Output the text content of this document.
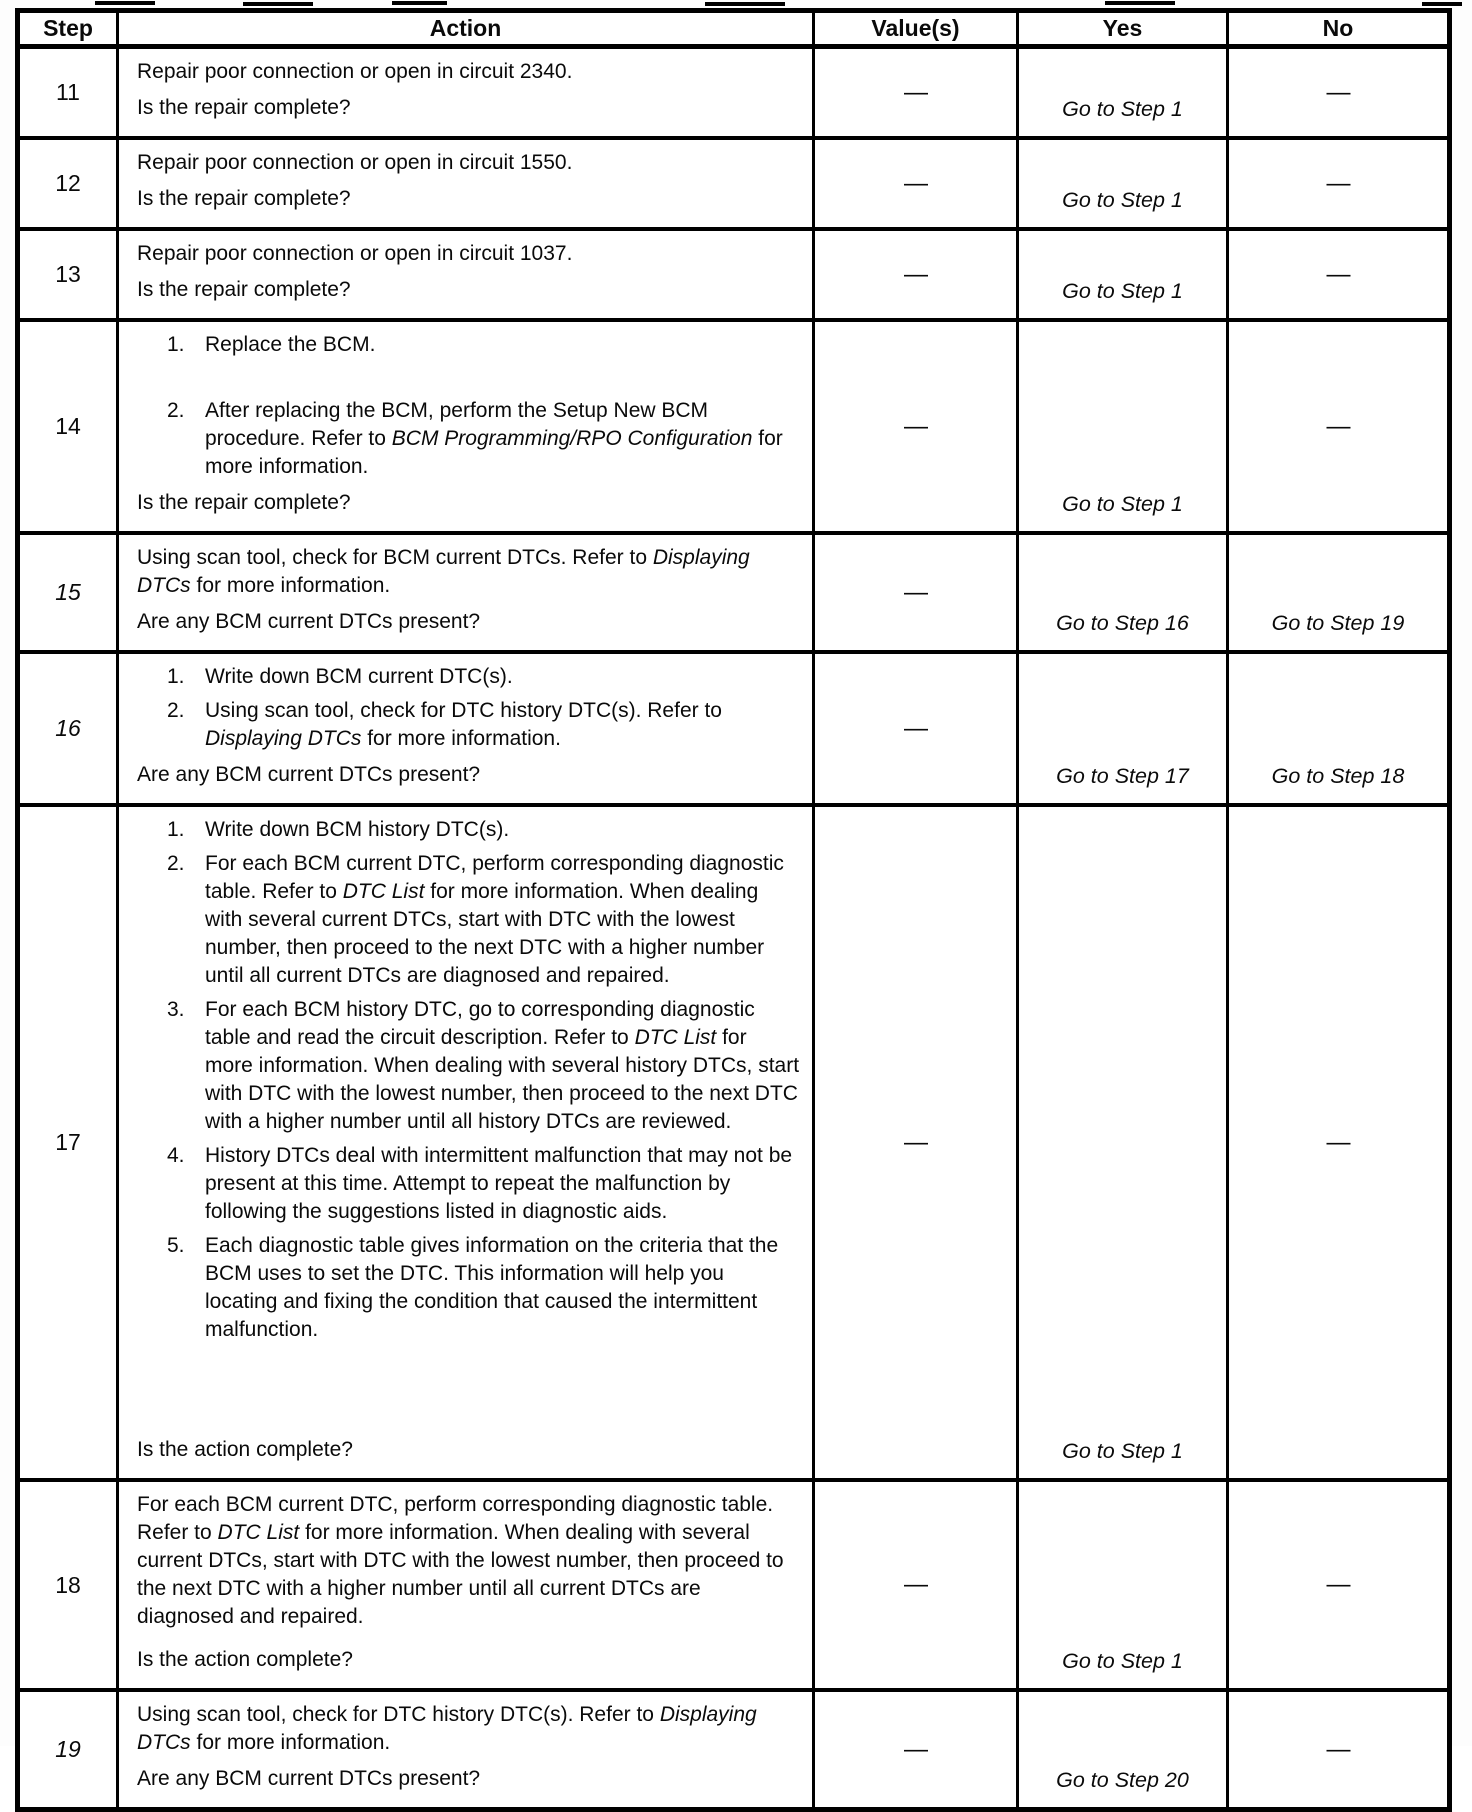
Step	Action	Value(s)	Yes	No
11	Repair poor connection or open in circuit 2340.
Is the repair complete?	—	Go to Step 1	—
12	Repair poor connection or open in circuit 1550.
Is the repair complete?	—	Go to Step 1	—
13	Repair poor connection or open in circuit 1037.
Is the repair complete?	—	Go to Step 1	—
14	1. Replace the BCM.
2. After replacing the BCM, perform the Setup New BCM procedure. Refer to BCM Programming/RPO Configuration for more information.
Is the repair complete?	—	Go to Step 1	—
15	Using scan tool, check for BCM current DTCs. Refer to Displaying DTCs for more information.
Are any BCM current DTCs present?	—	Go to Step 16	Go to Step 19
16	1. Write down BCM current DTC(s).
2. Using scan tool, check for DTC history DTC(s). Refer to Displaying DTCs for more information.
Are any BCM current DTCs present?	—	Go to Step 17	Go to Step 18
17	
1. Write down BCM history DTC(s).
2. For each BCM current DTC, perform corresponding diagnostic table. Refer to DTC List for more information. When dealing with several current DTCs, start with DTC with the lowest number, then proceed to the next DTC with a higher number until all current DTCs are diagnosed and repaired.
3. For each BCM history DTC, go to corresponding diagnostic table and read the circuit description. Refer to DTC List for more information. When dealing with several history DTCs, start with DTC with the lowest number, then proceed to the next DTC with a higher number until all history DTCs are reviewed.
4. History DTCs deal with intermittent malfunction that may not be present at this time. Attempt to repeat the malfunction by following the suggestions listed in diagnostic aids.
5. Each diagnostic table gives information on the criteria that the BCM uses to set the DTC. This information will help you locating and fixing the condition that caused the intermittent malfunction.
Is the action complete?
	—	Go to Step 1	—
18	For each BCM current DTC, perform corresponding diagnostic table. Refer to DTC List for more information. When dealing with several current DTCs, start with DTC with the lowest number, then proceed to the next DTC with a higher number until all current DTCs are diagnosed and repaired.
Is the action complete?	—	Go to Step 1	—
19	Using scan tool, check for DTC history DTC(s). Refer to Displaying DTCs for more information.
Are any BCM current DTCs present?	—	Go to Step 20	—
